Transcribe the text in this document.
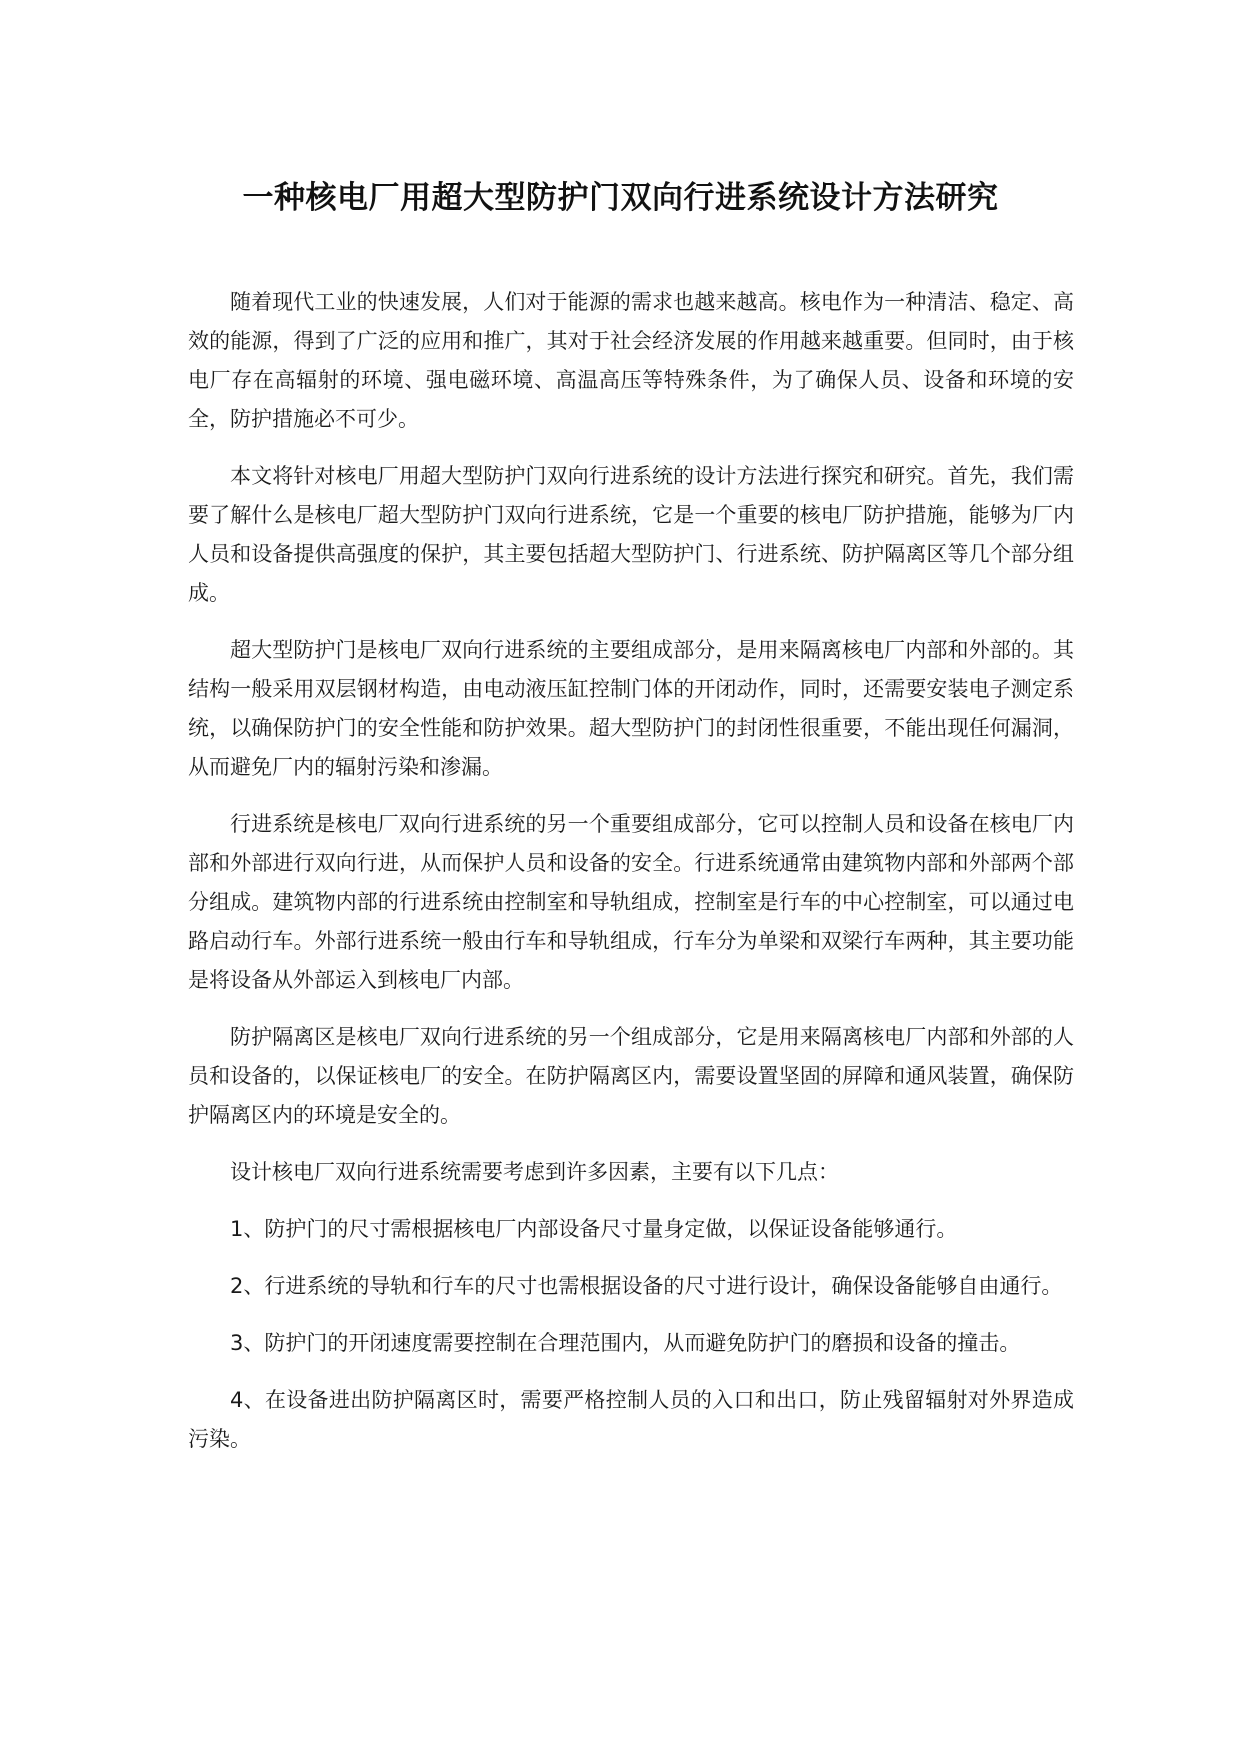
一种核电厂用超大型防护门双向行进系统设计方法研究

随着现代工业的快速发展，人们对于能源的需求也越来越高。核电作为一种清洁、稳定、高效的能源，得到了广泛的应用和推广，其对于社会经济发展的作用越来越重要。但同时，由于核电厂存在高辐射的环境、强电磁环境、高温高压等特殊条件，为了确保人员、设备和环境的安全，防护措施必不可少。

本文将针对核电厂用超大型防护门双向行进系统的设计方法进行探究和研究。首先，我们需要了解什么是核电厂超大型防护门双向行进系统，它是一个重要的核电厂防护措施，能够为厂内人员和设备提供高强度的保护，其主要包括超大型防护门、行进系统、防护隔离区等几个部分组成。

超大型防护门是核电厂双向行进系统的主要组成部分，是用来隔离核电厂内部和外部的。其结构一般采用双层钢材构造，由电动液压缸控制门体的开闭动作，同时，还需要安装电子测定系统，以确保防护门的安全性能和防护效果。超大型防护门的封闭性很重要，不能出现任何漏洞，从而避免厂内的辐射污染和渗漏。

行进系统是核电厂双向行进系统的另一个重要组成部分，它可以控制人员和设备在核电厂内部和外部进行双向行进，从而保护人员和设备的安全。行进系统通常由建筑物内部和外部两个部分组成。建筑物内部的行进系统由控制室和导轨组成，控制室是行车的中心控制室，可以通过电路启动行车。外部行进系统一般由行车和导轨组成，行车分为单梁和双梁行车两种，其主要功能是将设备从外部运入到核电厂内部。

防护隔离区是核电厂双向行进系统的另一个组成部分，它是用来隔离核电厂内部和外部的人员和设备的，以保证核电厂的安全。在防护隔离区内，需要设置坚固的屏障和通风装置，确保防护隔离区内的环境是安全的。

设计核电厂双向行进系统需要考虑到许多因素，主要有以下几点：

1、防护门的尺寸需根据核电厂内部设备尺寸量身定做，以保证设备能够通行。

2、行进系统的导轨和行车的尺寸也需根据设备的尺寸进行设计，确保设备能够自由通行。

3、防护门的开闭速度需要控制在合理范围内，从而避免防护门的磨损和设备的撞击。

4、在设备进出防护隔离区时，需要严格控制人员的入口和出口，防止残留辐射对外界造成污染。
